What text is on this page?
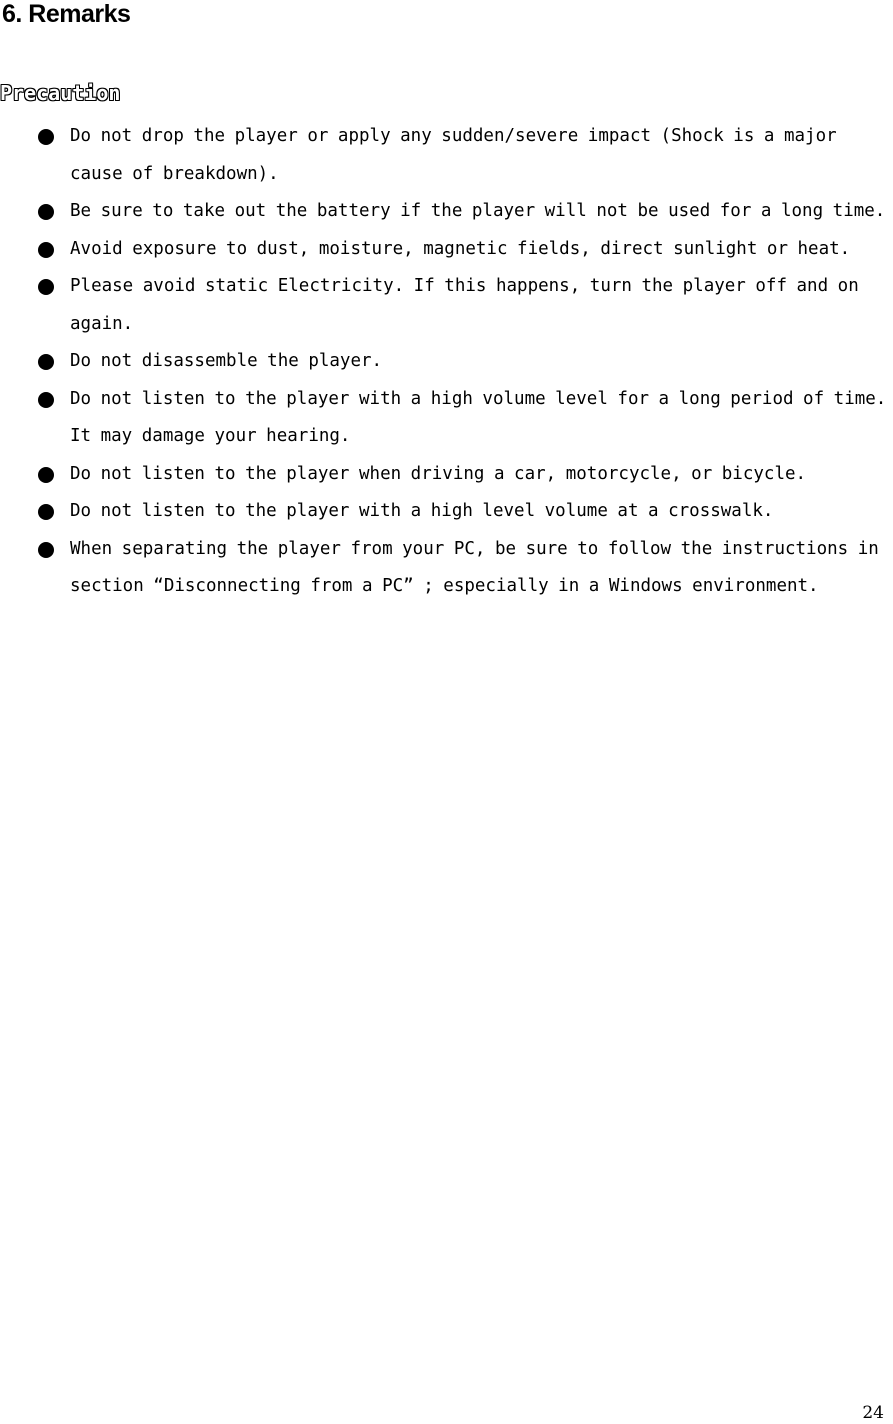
6. Remarks
Precaution
Do not drop the player or apply any sudden/severe impact (Shock is a major cause of breakdown).
Be sure to take out the battery if the player will not be used for a long time.
Avoid exposure to dust, moisture, magnetic fields, direct sunlight or heat.
Please avoid static Electricity. If this happens, turn the player off and on again.
Do not disassemble the player.
Do not listen to the player with a high volume level for a long period of time. It may damage your hearing.
Do not listen to the player when driving a car, motorcycle, or bicycle.
Do not listen to the player with a high level volume at a crosswalk.
When separating the player from your PC, be sure to follow the instructions in section “Disconnecting from a PC” ; especially in a Windows environment.

24
